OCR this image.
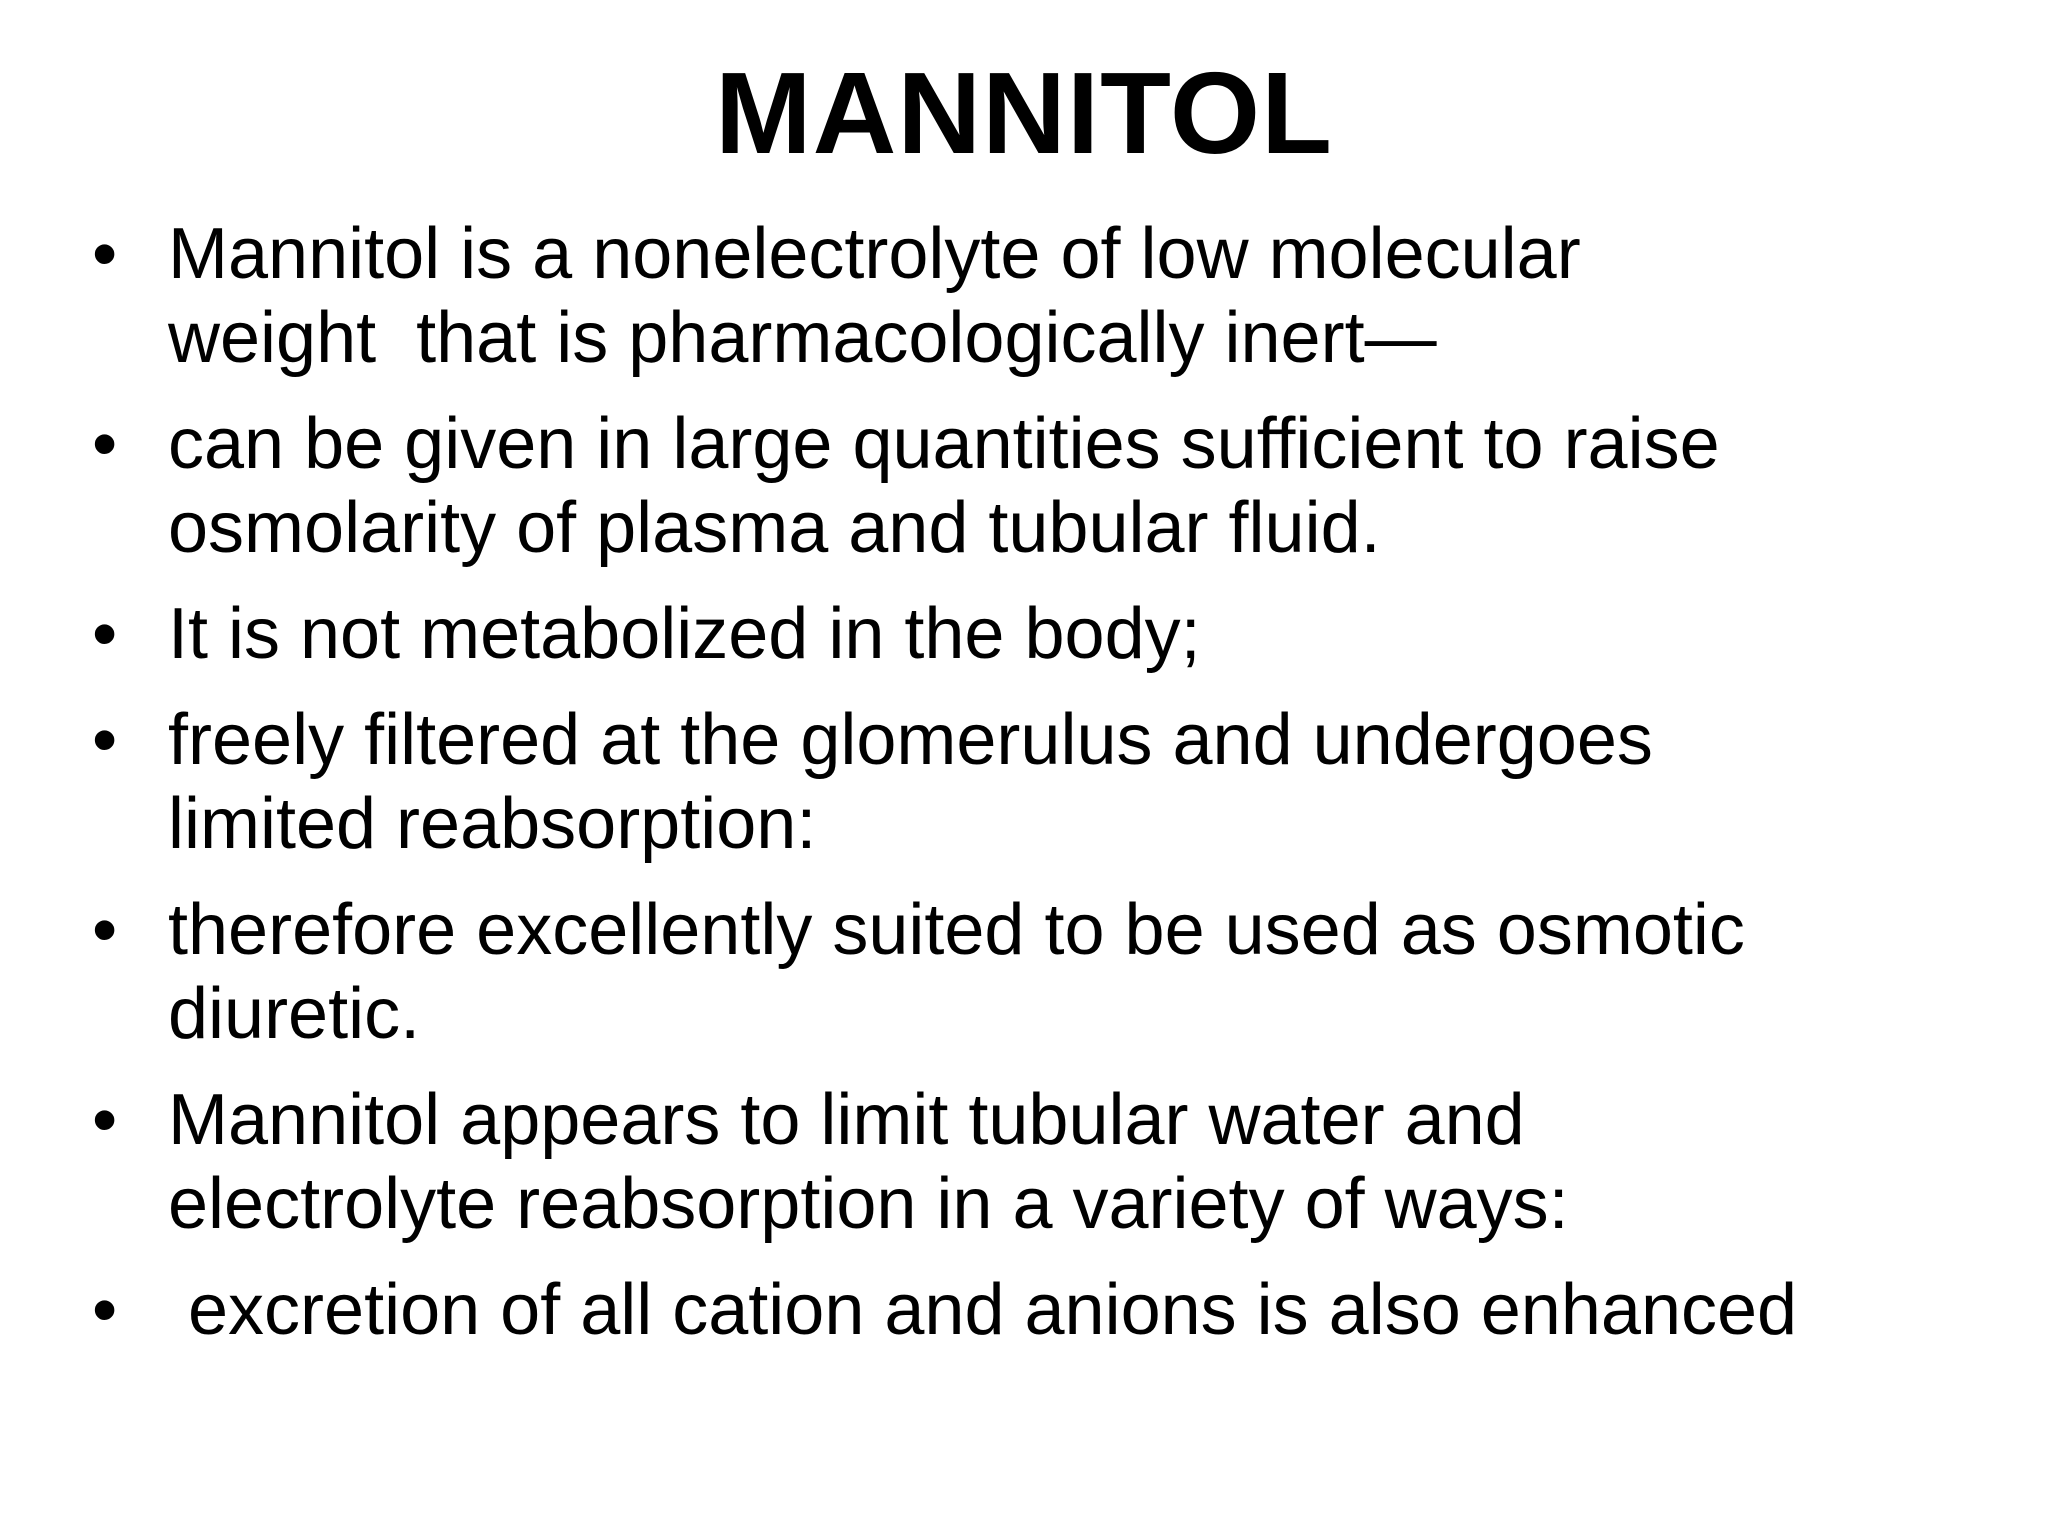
MANNITOL
• Mannitol is a nonelectrolyte of low molecular
weight  that is pharmacologically inert—
• can be given in large quantities sufficient to raise
osmolarity of plasma and tubular fluid.
• It is not metabolized in the body;
• freely filtered at the glomerulus and undergoes
limited reabsorption:
• therefore excellently suited to be used as osmotic
diuretic.
• Mannitol appears to limit tubular water and
electrolyte reabsorption in a variety of ways:
• excretion of all cation and anions is also enhanced
